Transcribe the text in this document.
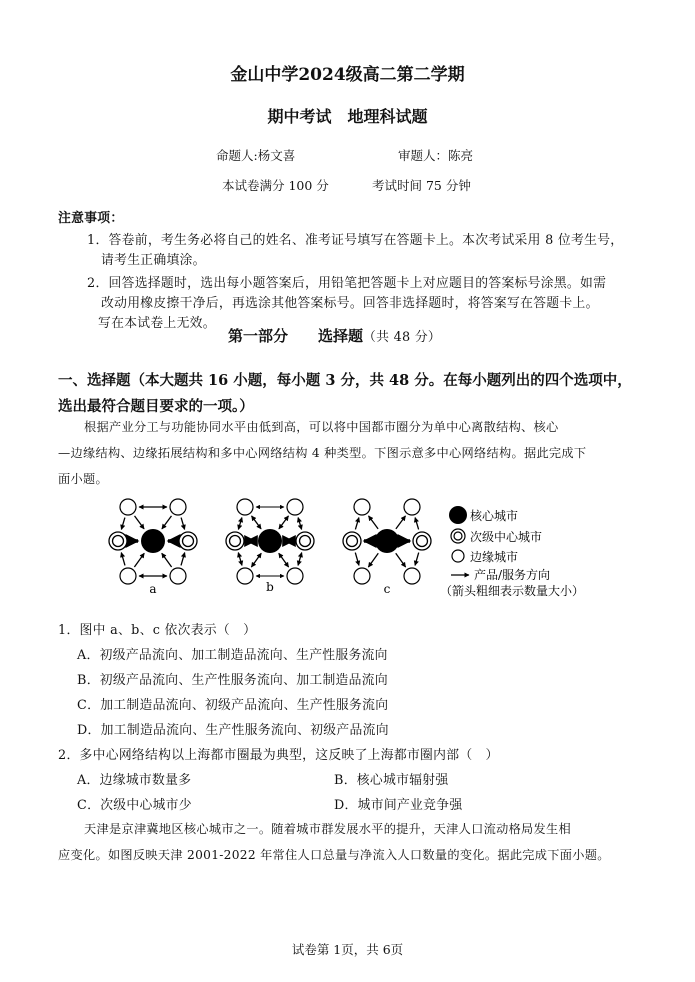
金山中学2024级高二第二学期
期中考试　地理科试题
命题人:杨文喜	审题人：陈亮
本试卷满分 100 分	考试时间 75 分钟
注意事项：
1．答卷前，考生务必将自己的姓名、准考证号填写在答题卡上。本次考试采用 8 位考生号，
请考生正确填涂。
2．回答选择题时，选出每小题答案后，用铅笔把答题卡上对应题目的答案标号涂黑。如需
改动用橡皮擦干净后，再选涂其他答案标号。回答非选择题时，将答案写在答题卡上。
写在本试卷上无效。
第一部分　　选择题（共 48 分）
一、选择题（本大题共 16 小题，每小题 3 分，共 48 分。在每小题列出的四个选项中，
选出最符合题目要求的一项。）
根据产业分工与功能协同水平由低到高，可以将中国都市圈分为单中心离散结构、核心
—边缘结构、边缘拓展结构和多中心网络结构 4 种类型。下图示意多中心网络结构。据此完成下
面小题。
a	b	c
核心城市
次级中心城市
边缘城市
产品/服务方向
（箭头粗细表示数量大小）
1．图中 a、b、c 依次表示（　）
A．初级产品流向、加工制造品流向、生产性服务流向
B．初级产品流向、生产性服务流向、加工制造品流向
C．加工制造品流向、初级产品流向、生产性服务流向
D．加工制造品流向、生产性服务流向、初级产品流向
2．多中心网络结构以上海都市圈最为典型，这反映了上海都市圈内部（　）
A．边缘城市数量多	B．核心城市辐射强
C．次级中心城市少	D．城市间产业竞争强
天津是京津冀地区核心城市之一。随着城市群发展水平的提升，天津人口流动格局发生相
应变化。如图反映天津 2001-2022 年常住人口总量与净流入人口数量的变化。据此完成下面小题。
试卷第 1页，共 6页
